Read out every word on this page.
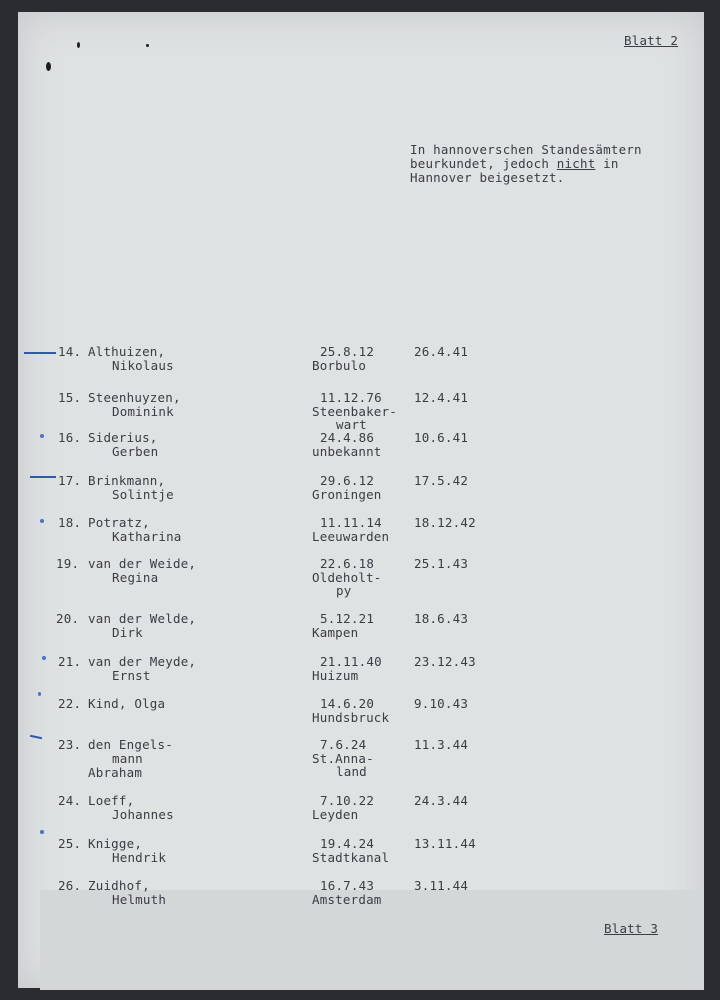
Blatt 2
In hannoverschen Standesämtern
beurkundet, jedoch nicht in
Hannover beigesetzt.
14. Althuizen,
Nikolaus
25.8.12
Borbulo
26.4.41
15. Steenhuyzen,
Dominink
11.12.76
Steenbaker-
wart
12.4.41
16. Siderius,
Gerben
24.4.86
unbekannt
10.6.41
17. Brinkmann,
Solintje
29.6.12
Groningen
17.5.42
18. Potratz,
Katharina
11.11.14
Leeuwarden
18.12.42
19. van der Weide,
Regina
22.6.18
Oldeholt-
py
25.1.43
20. van der Welde,
Dirk
5.12.21
Kampen
18.6.43
21. van der Meyde,
Ernst
21.11.40
Huizum
23.12.43
22. Kind, Olga	14.6.20
Hundsbruck
9.10.43
23. den Engels-
mann
Abraham
7.6.24
St.Anna-
land
11.3.44
24. Loeff,
Johannes
7.10.22
Leyden
24.3.44
25. Knigge,
Hendrik
19.4.24
Stadtkanal
13.11.44
26. Zuidhof,
Helmuth
16.7.43
Amsterdam
3.11.44
Blatt 3
